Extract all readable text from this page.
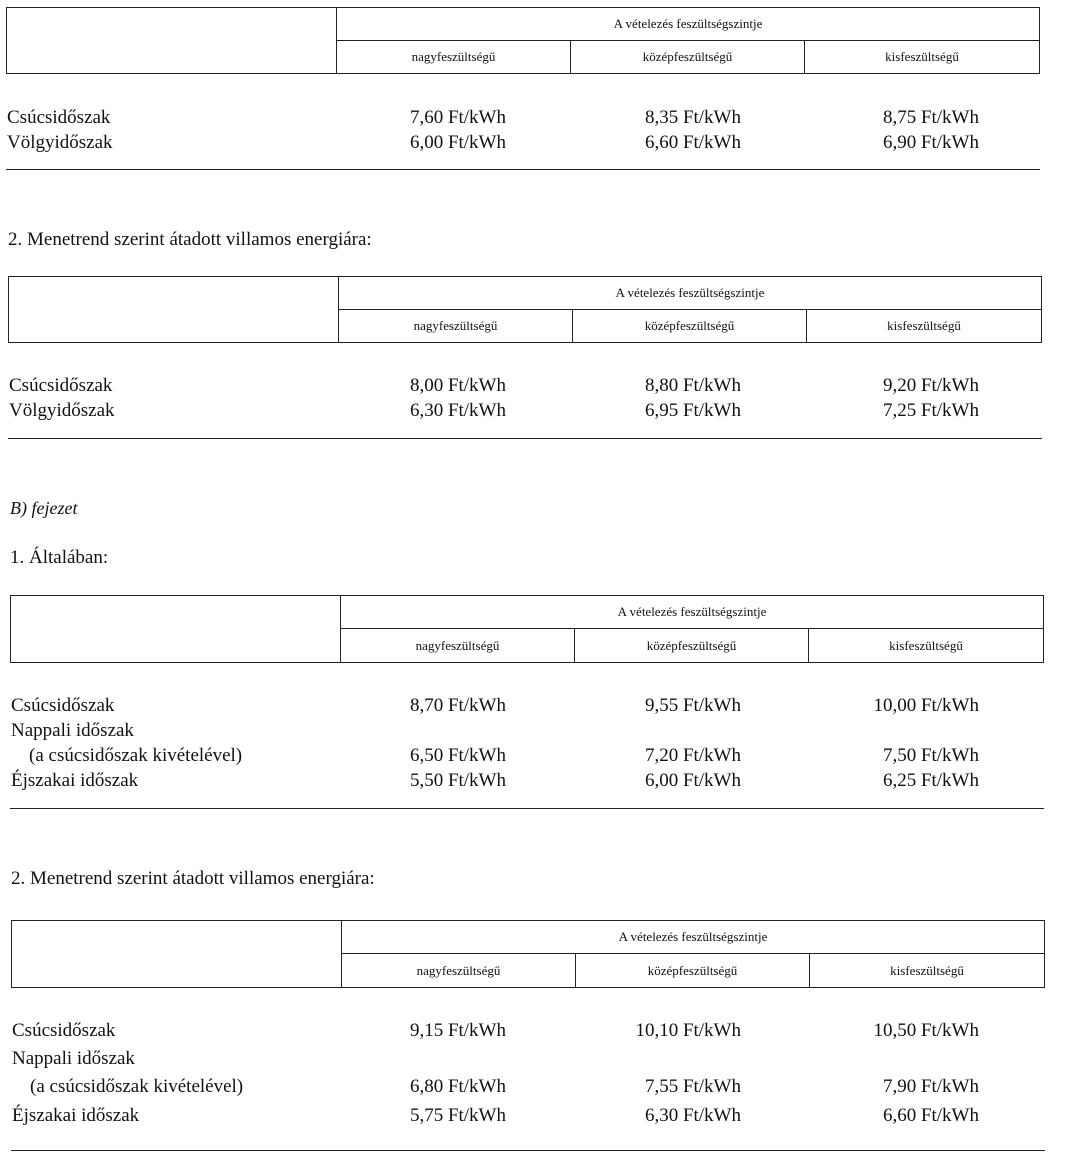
A vételezés feszültségszintje
nagyfeszültségű	középfeszültségű	kisfeszültségű
Csúcsidőszak	7,60 Ft/kWh	8,35 Ft/kWh	8,75 Ft/kWh
Völgyidőszak	6,00 Ft/kWh	6,60 Ft/kWh	6,90 Ft/kWh
2. Menetrend szerint átadott villamos energiára:
A vételezés feszültségszintje
nagyfeszültségű	középfeszültségű	kisfeszültségű
Csúcsidőszak	8,00 Ft/kWh	8,80 Ft/kWh	9,20 Ft/kWh
Völgyidőszak	6,30 Ft/kWh	6,95 Ft/kWh	7,25 Ft/kWh
B) fejezet
1. Általában:
A vételezés feszültségszintje
nagyfeszültségű	középfeszültségű	kisfeszültségű
Csúcsidőszak	8,70 Ft/kWh	9,55 Ft/kWh	10,00 Ft/kWh
Nappali időszak
(a csúcsidőszak kivételével)	6,50 Ft/kWh	7,20 Ft/kWh	7,50 Ft/kWh
Éjszakai időszak	5,50 Ft/kWh	6,00 Ft/kWh	6,25 Ft/kWh
2. Menetrend szerint átadott villamos energiára:
A vételezés feszültségszintje
nagyfeszültségű	középfeszültségű	kisfeszültségű
Csúcsidőszak	9,15 Ft/kWh	10,10 Ft/kWh	10,50 Ft/kWh
Nappali időszak
(a csúcsidőszak kivételével)	6,80 Ft/kWh	7,55 Ft/kWh	7,90 Ft/kWh
Éjszakai időszak	5,75 Ft/kWh	6,30 Ft/kWh	6,60 Ft/kWh
